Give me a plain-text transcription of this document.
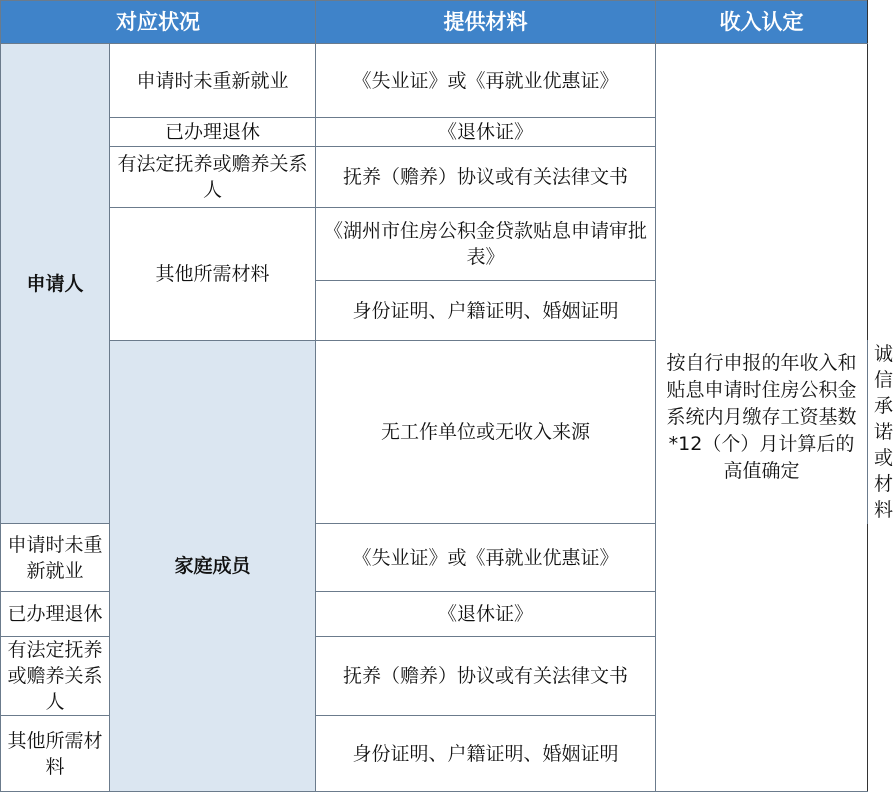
对应状况		提供材料	收入认定	
申请人	申请时未重新就业	《失业证》或《再就业优惠证》	按自行申报的年收入和贴息申请时住房公积金系统内月缴存工资基数*12（个）月计算后的高值确定	
	已办理退休	《退休证》		
	有法定抚养或赡养关系人	抚养（赡养）协议或有关法律文书		
	其他所需材料	《湖州市住房公积金贷款贴息申请审批表》		
		身份证明、户籍证明、婚姻证明		
	家庭成员	无工作单位或无收入来源		诚信承诺或材料
申请时未重新就业		《失业证》或《再就业优惠证》		
已办理退休		《退休证》		
有法定抚养或赡养关系人		抚养（赡养）协议或有关法律文书		
其他所需材料		身份证明、户籍证明、婚姻证明		
